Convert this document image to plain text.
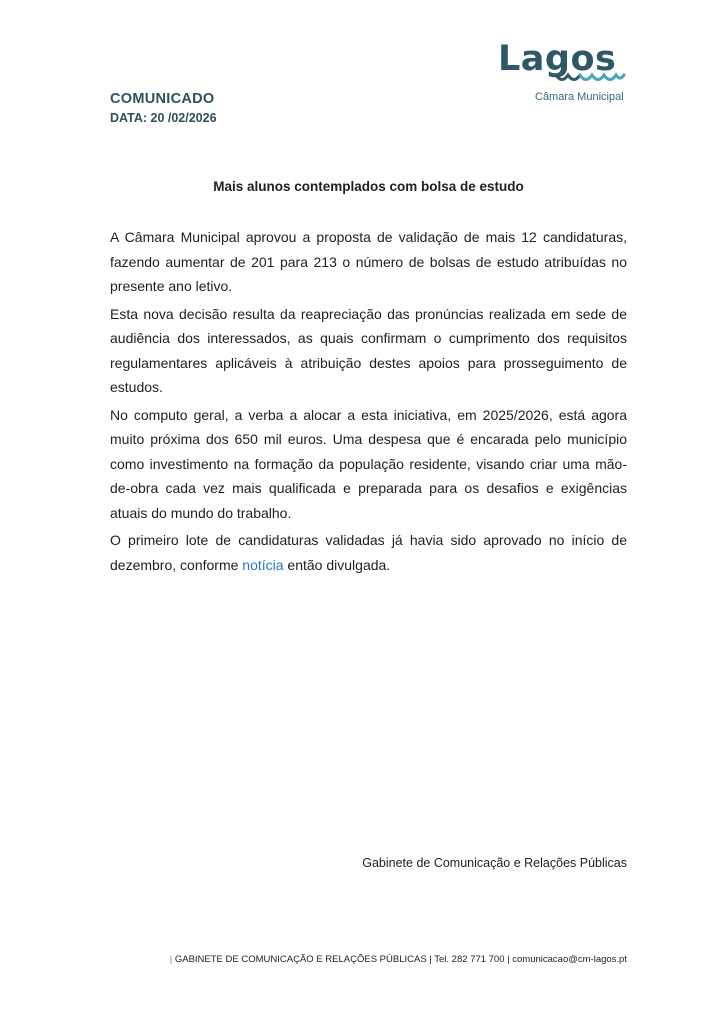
Lagos
Câmara Municipal
COMUNICADO
DATA: 20 /02/2026
Mais alunos contemplados com bolsa de estudo

A Câmara Municipal aprovou a proposta de validação de mais 12 candidaturas, fazendo aumentar de 201 para 213 o número de bolsas de estudo atribuídas no presente ano letivo.

Esta nova decisão resulta da reapreciação das pronúncias realizada em sede de audiência dos interessados, as quais confirmam o cumprimento dos requisitos regulamentares aplicáveis à atribuição destes apoios para prosseguimento de estudos.

No computo geral, a verba a alocar a esta iniciativa, em 2025/2026, está agora muito próxima dos 650 mil euros. Uma despesa que é encarada pelo município como investimento na formação da população residente, visando criar uma mão-de-obra cada vez mais qualificada e preparada para os desafios e exigências atuais do mundo do trabalho.

O primeiro lote de candidaturas validadas já havia sido aprovado no início de dezembro, conforme notícia então divulgada.

Gabinete de Comunicação e Relações Públicas
| GABINETE DE COMUNICAÇÃO E RELAÇÕES PÚBLICAS | Tel. 282 771 700 | comunicacao@cm-lagos.pt
